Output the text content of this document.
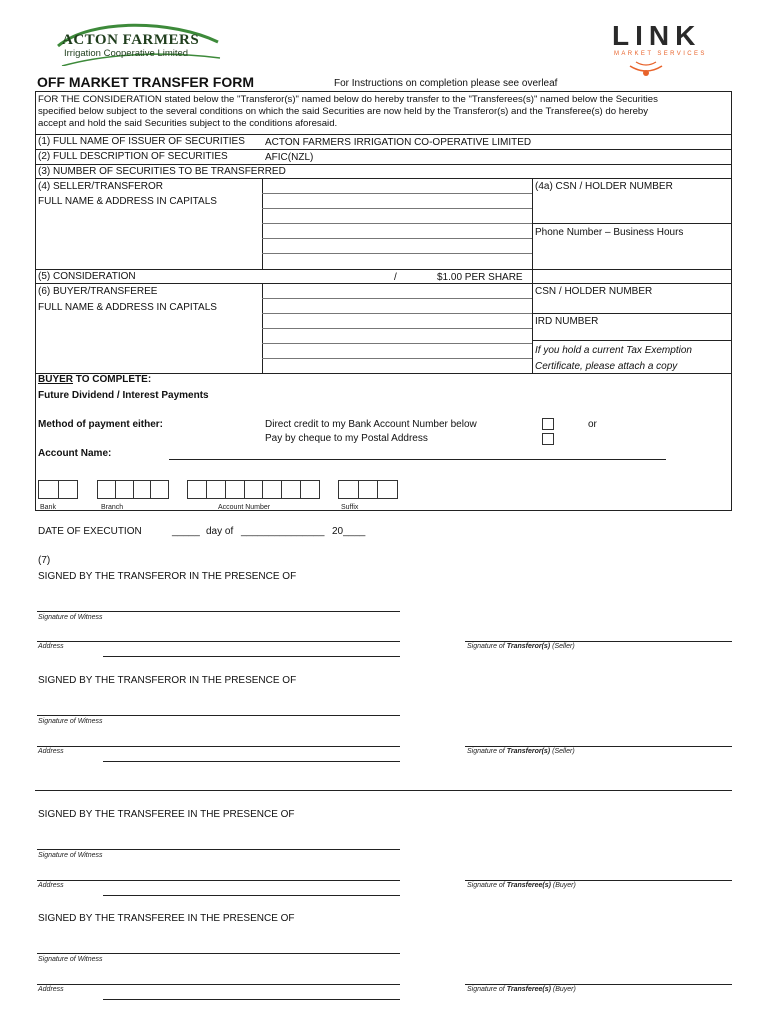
ACTON FARMERS
Irrigation Cooperative Limited
LINK
MARKET SERVICES
OFF MARKET TRANSFER FORM	For Instructions on completion please see overleaf
FOR THE CONSIDERATION stated below the "Transferor(s)" named below do hereby transfer to the "Transferees(s)" named below the Securities
specified below subject to the several conditions on which the said Securities are now held by the Transferor(s) and the Transferee(s) do hereby
accept and hold the said Securities subject to the conditions aforesaid.
(1) FULL NAME OF ISSUER OF SECURITIES ACTON FARMERS IRRIGATION CO-OPERATIVE LIMITED
(2) FULL DESCRIPTION OF SECURITIES	AFIC(NZL)
(3) NUMBER OF SECURITIES TO BE TRANSFERRED
(4) SELLER/TRANSFEROR
FULL NAME & ADDRESS IN CAPITALS
(4a) CSN / HOLDER NUMBER
Phone Number – Business Hours
(5) CONSIDERATION	/	$1.00 PER SHARE
(6) BUYER/TRANSFEREE
FULL NAME & ADDRESS IN CAPITALS
CSN / HOLDER NUMBER
IRD NUMBER
If you hold a current Tax Exemption
Certificate, please attach a copy
BUYER TO COMPLETE:
Future Dividend / Interest Payments
Method of payment either:	Direct credit to my Bank Account Number below
Pay by cheque to my Postal Address
or
Account Name:
Bank	Branch	Account Number	Suffix
DATE OF EXECUTION	_____ day of _______________ 20____
(7)
SIGNED BY THE TRANSFEROR IN THE PRESENCE OF
Signature of Witness
Address	Signature of Transferor(s) (Seller)
SIGNED BY THE TRANSFEROR IN THE PRESENCE OF
Signature of Witness
Address	Signature of Transferor(s) (Seller)
SIGNED BY THE TRANSFEREE IN THE PRESENCE OF
Signature of Witness
Address	Signature of Transferee(s) (Buyer)
SIGNED BY THE TRANSFEREE IN THE PRESENCE OF
Signature of Witness
Address	Signature of Transferee(s) (Buyer)
